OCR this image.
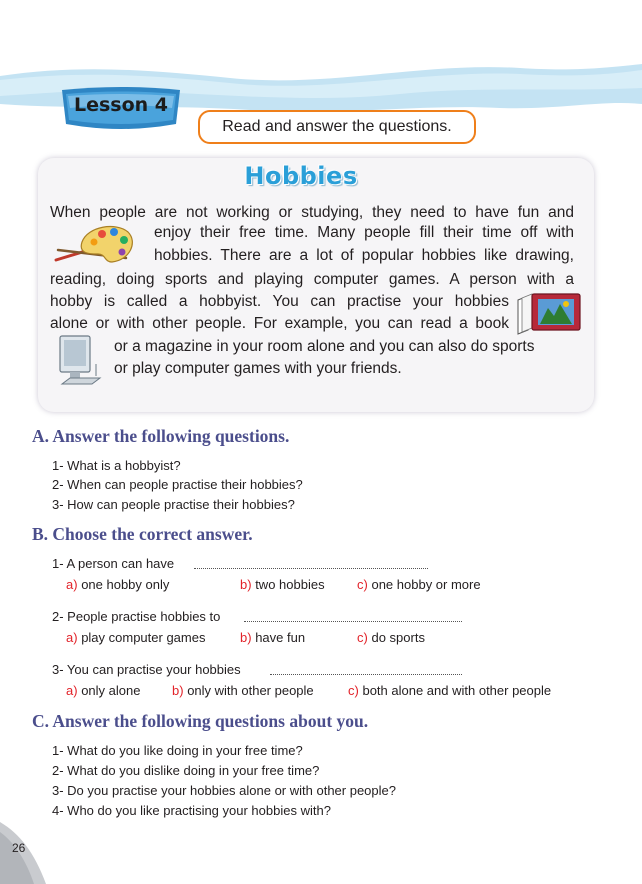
Lesson 4
Read and answer the questions.
Hobbies
When people are not working or studying, they need to have fun and
enjoy their free time. Many people fill their time off with
hobbies. There are a lot of popular hobbies like drawing,
reading, doing sports and playing computer games. A person with a
hobby is called a hobbyist. You can practise your hobbies
alone or with other people. For example, you can read a book
or a magazine in your room alone and you can also do sports
or play computer games with your friends.
A. Answer the following questions.
1- What is a hobbyist?
2- When can people practise their hobbies?
3- How can people practise their hobbies?
B. Choose the correct answer.
1- A person can have
a) one hobby only	b) two hobbies c) one hobby or more
2- People practise hobbies to
a) play computer games	b) have fun	c) do sports
3- You can practise your hobbies
a) only alone b) only with other people	c) both alone and with other people
C. Answer the following questions about you.
1- What do you like doing in your free time?
2- What do you dislike doing in your free time?
3- Do you practise your hobbies alone or with other people?
4- Who do you like practising your hobbies with?
26
